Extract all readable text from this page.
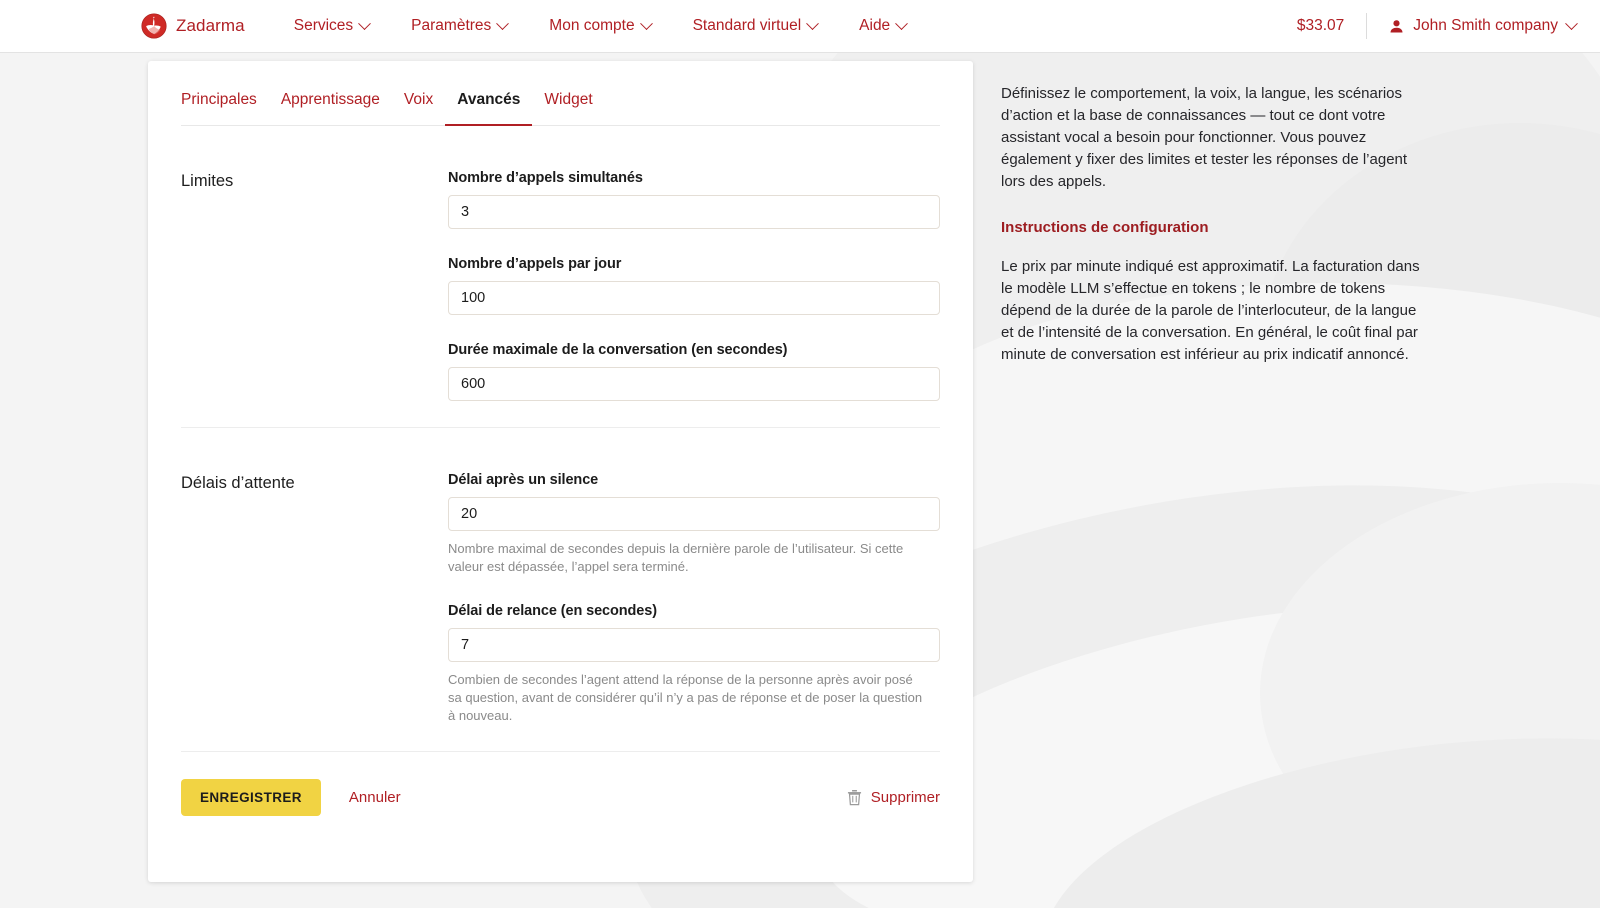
Zadarma	Services	Paramètres	Mon compte	Standard virtuel	Aide	$33.07	John Smith company
Principales	Apprentissage	Voix	Avancés	Widget
Limites	Nombre d’appels simultanés
3
Nombre d’appels par jour
100
Durée maximale de la conversation (en secondes)
600
Délais d’attente	Délai après un silence
20
Nombre maximal de secondes depuis la dernière parole de l’utilisateur. Si cette valeur est dépassée, l’appel sera terminé.
Délai de relance (en secondes)
7
Combien de secondes l’agent attend la réponse de la personne après avoir posé sa question, avant de considérer qu’il n’y a pas de réponse et de poser la question à nouveau.
ENREGISTRER	Annuler	Supprimer

Définissez le comportement, la voix, la langue, les scénarios d’action et la base de connaissances — tout ce dont votre assistant vocal a besoin pour fonctionner. Vous pouvez également y fixer des limites et tester les réponses de l’agent lors des appels.

Instructions de configuration

Le prix par minute indiqué est approximatif. La facturation dans le modèle LLM s’effectue en tokens ; le nombre de tokens dépend de la durée de la parole de l’interlocuteur, de la langue et de l’intensité de la conversation. En général, le coût final par minute de conversation est inférieur au prix indicatif annoncé.
